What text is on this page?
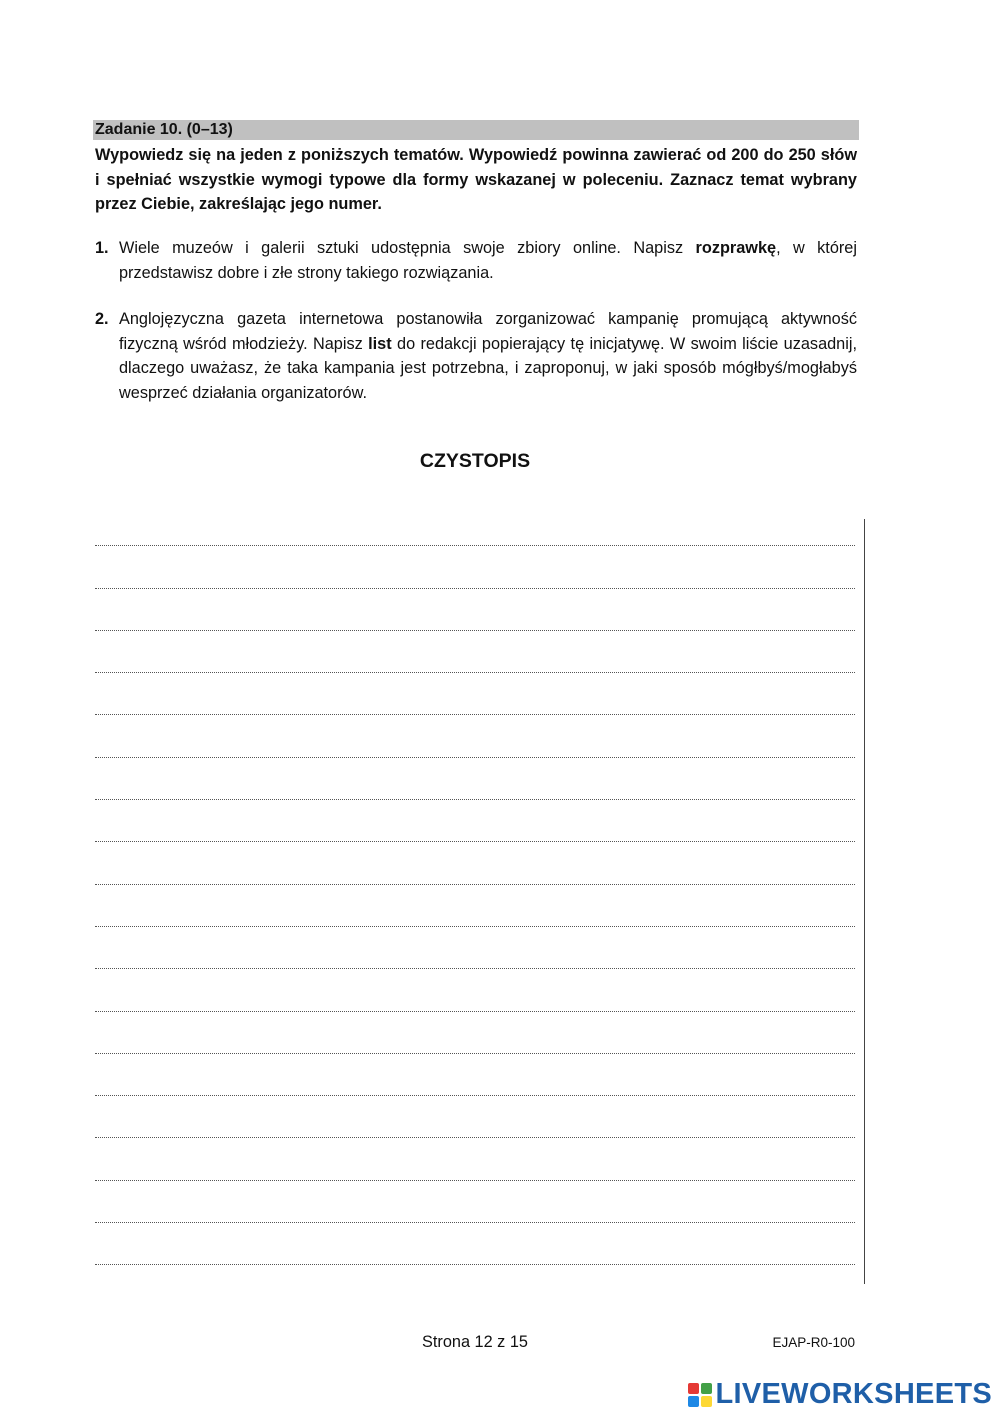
Zadanie 10. (0–13)

Wypowiedz się na jeden z poniższych tematów. Wypowiedź powinna zawierać od 200 do 250 słów i spełniać wszystkie wymogi typowe dla formy wskazanej w poleceniu. Zaznacz temat wybrany przez Ciebie, zakreślając jego numer.

1. Wiele muzeów i galerii sztuki udostępnia swoje zbiory online. Napisz rozprawkę, w której przedstawisz dobre i złe strony takiego rozwiązania.
2. Anglojęzyczna gazeta internetowa postanowiła zorganizować kampanię promującą aktywność fizyczną wśród młodzieży. Napisz list do redakcji popierający tę inicjatywę. W swoim liście uzasadnij, dlaczego uważasz, że taka kampania jest potrzebna, i zaproponuj, w jaki sposób mógłbyś/mogłabyś wesprzeć działania organizatorów.
CZYSTOPIS
Strona 12 z 15	EJAP-R0-100
LIVEWORKSHEETS
